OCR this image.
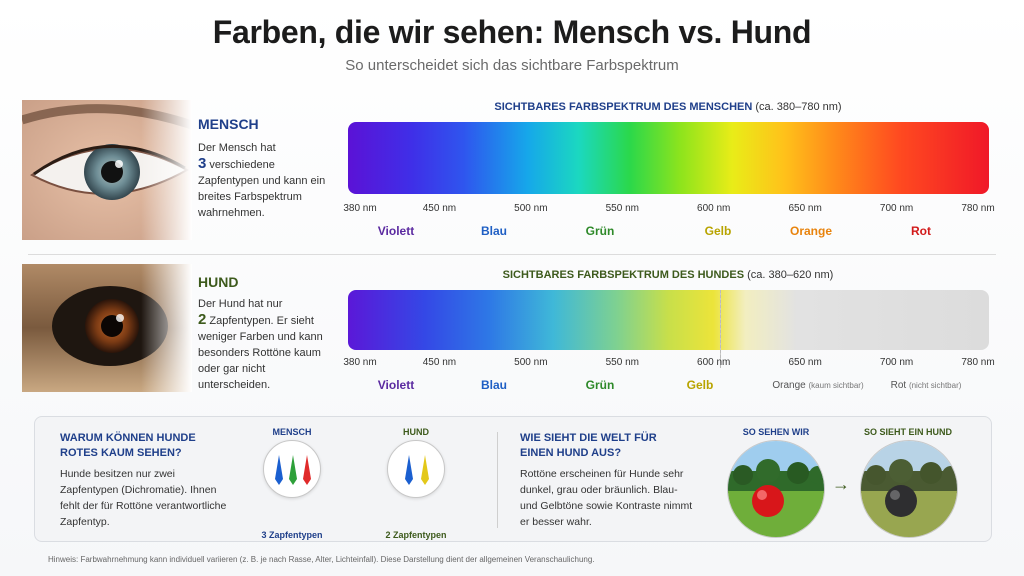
Farben, die wir sehen: Mensch vs. Hund
So unterscheidet sich das sichtbare Farbspektrum
MENSCH
Der Mensch hat
3 verschiedene Zapfentypen und kann ein breites Farbspektrum wahrnehmen.
SICHTBARES FARBSPEKTRUM DES MENSCHEN (ca. 380–780 nm)
380 nm	450 nm	500 nm	550 nm	600 nm	650 nm	700 nm	780 nm
Violett	Blau	Grün	Gelb	Orange	Rot
HUND
Der Hund hat nur
2 Zapfentypen. Er sieht weniger Farben und kann besonders Rottöne kaum oder gar nicht unterscheiden.
SICHTBARES FARBSPEKTRUM DES HUNDES (ca. 380–620 nm)
380 nm	450 nm	500 nm	550 nm	600 nm	650 nm	700 nm	780 nm
Violett	Blau	Grün	Gelb	Orange (kaum sichtbar)	Rot (nicht sichtbar)
WARUM KÖNNEN HUNDE ROTES KAUM SEHEN?
Hunde besitzen nur zwei Zapfentypen (Dichromatie). Ihnen fehlt der für Rottöne verantwortliche Zapfentyp.
MENSCH
3 Zapfentypen
HUND
2 Zapfentypen
WIE SIEHT DIE WELT FÜR EINEN HUND AUS?
Rottöne erscheinen für Hunde sehr dunkel, grau oder bräunlich. Blau- und Gelbtöne sowie Kontraste nimmt er besser wahr.
SO SEHEN WIR
→
SO SIEHT EIN HUND
Hinweis: Farbwahrnehmung kann individuell variieren (z. B. je nach Rasse, Alter, Lichteinfall). Diese Darstellung dient der allgemeinen Veranschaulichung.
